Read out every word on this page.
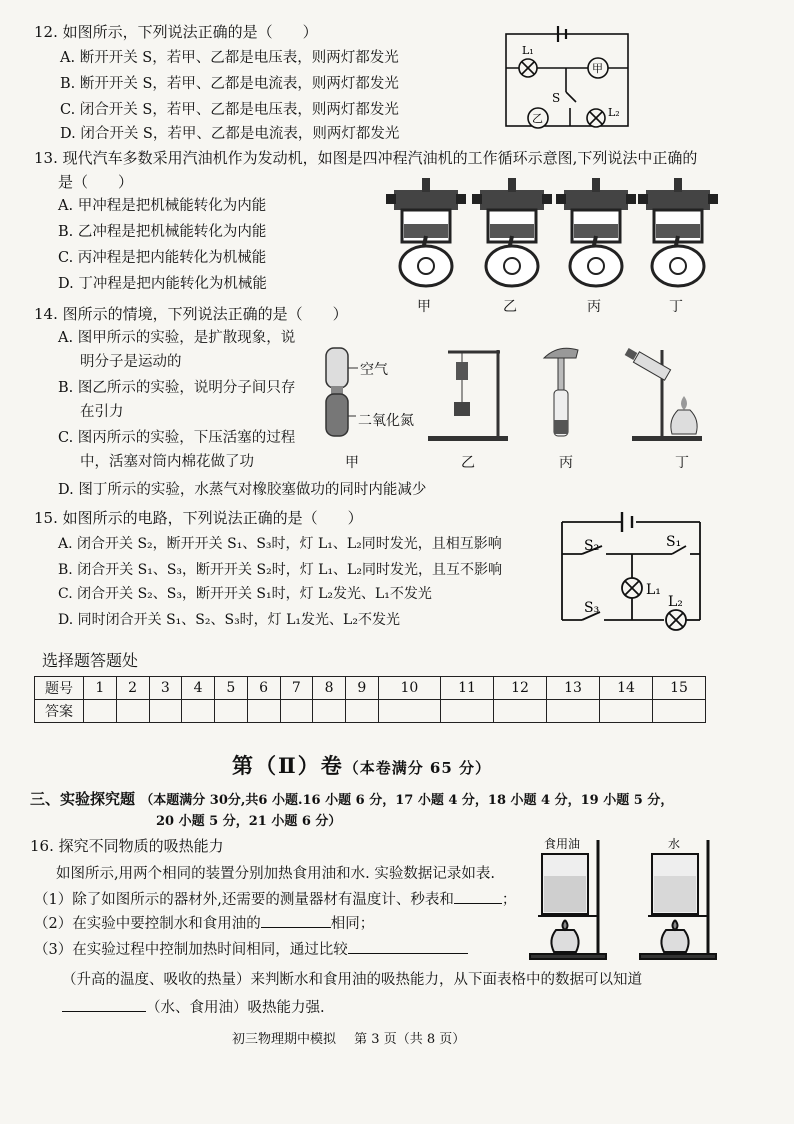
12. 如图所示，下列说法正确的是（　　）
A. 断开开关 S，若甲、乙都是电压表，则两灯都发光
B. 断开开关 S，若甲、乙都是电流表，则两灯都发光
C. 闭合开关 S，若甲、乙都是电压表，则两灯都发光
D. 闭合开关 S，若甲、乙都是电流表，则两灯都发光
L₁
甲
S
乙	L₂
13. 现代汽车多数采用汽油机作为发动机，如图是四冲程汽油机的工作循环示意图,下列说法中正确的
是（　　）
A. 甲冲程是把机械能转化为内能
B. 乙冲程是把机械能转化为内能
C. 丙冲程是把内能转化为机械能
D. 丁冲程是把内能转化为机械能
甲	乙	丙	丁
14. 图所示的情境，下列说法正确的是（　　）
A. 图甲所示的实验，是扩散现象，说
明分子是运动的
B. 图乙所示的实验，说明分子间只存
在引力
C. 图丙所示的实验，下压活塞的过程
中，活塞对筒内棉花做了功
D. 图丁所示的实验，水蒸气对橡胶塞做功的同时内能减少
空气
二氧化氮
甲	乙	丙	丁
15. 如图所示的电路，下列说法正确的是（　　）
A. 闭合开关 S₂，断开开关 S₁、S₃时，灯 L₁、L₂同时发光，且相互影响
B. 闭合开关 S₁、S₃，断开开关 S₂时，灯 L₁、L₂同时发光，且互不影响
C. 闭合开关 S₂、S₃，断开开关 S₁时，灯 L₂发光、L₁不发光
D. 同时闭合开关 S₁、S₂、S₃时，灯 L₁发光、L₂不发光
S₂	S₁
L₁
S₃	L₂
选择题答题处
题号	1	2	3	4	5	6	7	8	9	10	11	12	13	14	15
答案															
第（Ⅱ）卷（本卷满分 65 分）
三、实验探究题 （本题满分 30分,共6 小题.16 小题 6 分，17 小题 4 分，18 小题 4 分，19 小题 5 分，
20 小题 5 分，21 小题 6 分）
16. 探究不同物质的吸热能力
如图所示,用两个相同的装置分别加热食用油和水. 实验数据记录如表.
（1）除了如图所示的器材外,还需要的测量器材有温度计、秒表和	；
（2）在实验中要控制水和食用油的	相同；
（3）在实验过程中控制加热时间相同，通过比较
（升高的温度、吸收的热量）来判断水和食用油的吸热能力，从下面表格中的数据可以知道
（水、食用油）吸热能力强.
食用油	水
初三物理期中模拟 第 3 页（共 8 页）
